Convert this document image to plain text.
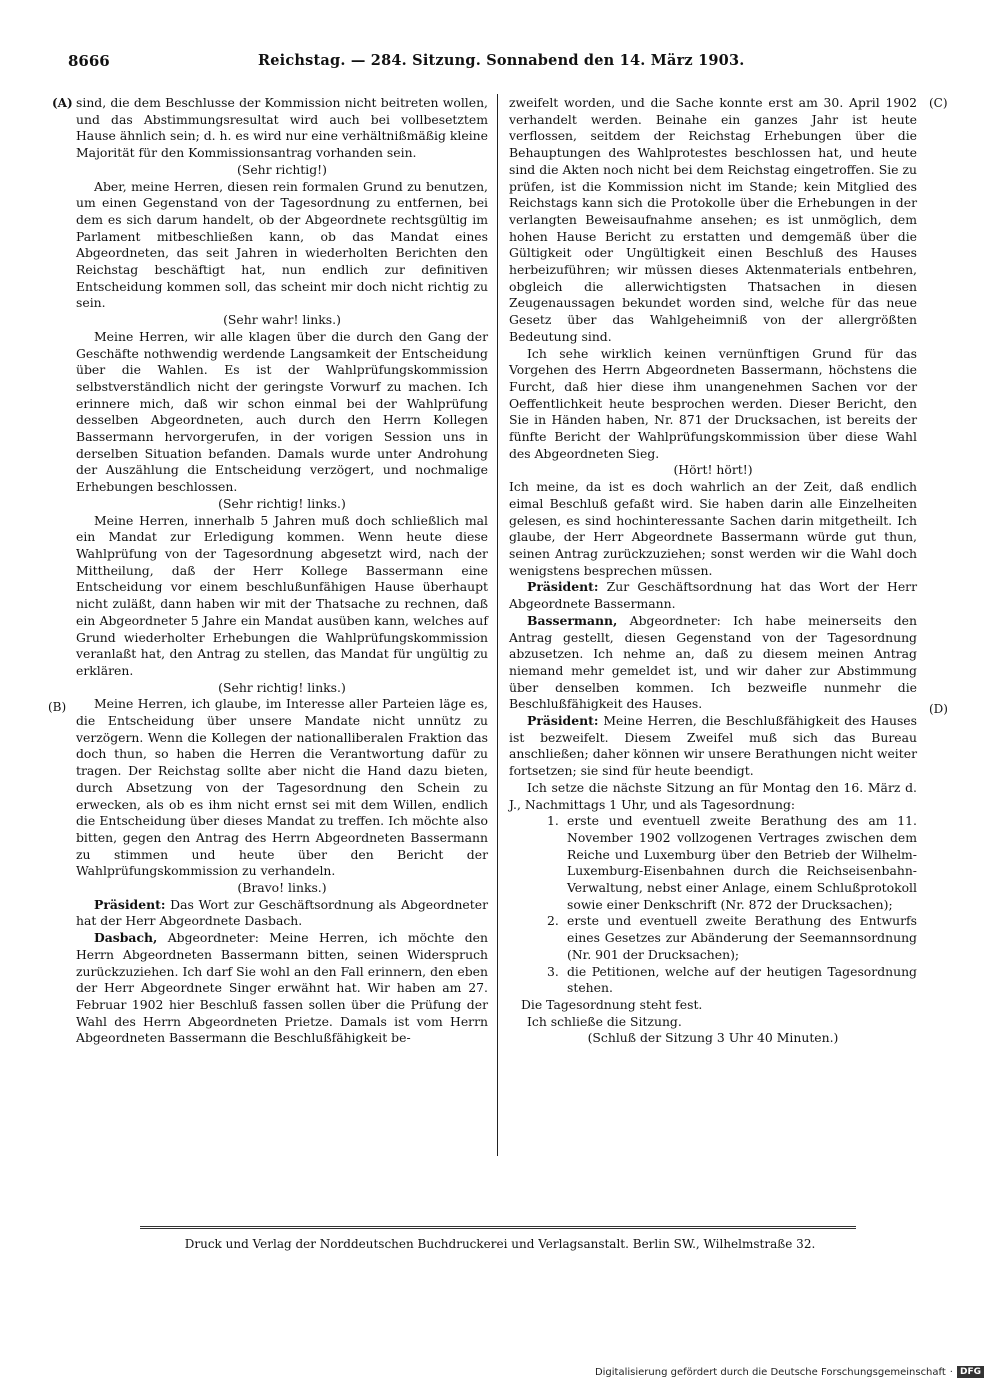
8666	Reichstag. — 284. Sitzung. Sonnabend den 14. März 1903.
(A)
(B)
(C)
(D)

sind, die dem Beschlusse der Kommission nicht beitreten wollen, und das Abstimmungsresultat wird auch bei vollbesetztem Hause ähnlich sein; d. h. es wird nur eine verhältnißmäßig kleine Majorität für den Kommissionsantrag vorhanden sein.

(Sehr richtig!)

Aber, meine Herren, diesen rein formalen Grund zu benutzen, um einen Gegenstand von der Tagesordnung zu entfernen, bei dem es sich darum handelt, ob der Abgeordnete rechtsgültig im Parlament mitbeschließen kann, ob das Mandat eines Abgeordneten, das seit Jahren in wiederholten Berichten den Reichstag beschäftigt hat, nun endlich zur definitiven Entscheidung kommen soll, das scheint mir doch nicht richtig zu sein.

(Sehr wahr! links.)

Meine Herren, wir alle klagen über die durch den Gang der Geschäfte nothwendig werdende Langsamkeit der Entscheidung über die Wahlen. Es ist der Wahlprüfungskommission selbstverständlich nicht der geringste Vorwurf zu machen. Ich erinnere mich, daß wir schon einmal bei der Wahlprüfung desselben Abgeordneten, auch durch den Herrn Kollegen Bassermann hervorgerufen, in der vorigen Session uns in derselben Situation befanden. Damals wurde unter Androhung der Auszählung die Entscheidung verzögert, und nochmalige Erhebungen beschlossen.

(Sehr richtig! links.)

Meine Herren, innerhalb 5 Jahren muß doch schließlich mal ein Mandat zur Erledigung kommen. Wenn heute diese Wahlprüfung von der Tagesordnung abgesetzt wird, nach der Mittheilung, daß der Herr Kollege Bassermann eine Entscheidung vor einem beschlußunfähigen Hause überhaupt nicht zuläßt, dann haben wir mit der Thatsache zu rechnen, daß ein Abgeordneter 5 Jahre ein Mandat ausüben kann, welches auf Grund wiederholter Erhebungen die Wahlprüfungskommission veranlaßt hat, den Antrag zu stellen, das Mandat für ungültig zu erklären.

(Sehr richtig! links.)

Meine Herren, ich glaube, im Interesse aller Parteien läge es, die Entscheidung über unsere Mandate nicht unnütz zu verzögern. Wenn die Kollegen der nationalliberalen Fraktion das doch thun, so haben die Herren die Verantwortung dafür zu tragen. Der Reichstag sollte aber nicht die Hand dazu bieten, durch Absetzung von der Tagesordnung den Schein zu erwecken, als ob es ihm nicht ernst sei mit dem Willen, endlich die Entscheidung über dieses Mandat zu treffen. Ich möchte also bitten, gegen den Antrag des Herrn Abgeordneten Bassermann zu stimmen und heute über den Bericht der Wahlprüfungskommission zu verhandeln.

(Bravo! links.)

Präsident: Das Wort zur Geschäftsordnung als Abgeordneter hat der Herr Abgeordnete Dasbach.

Dasbach, Abgeordneter: Meine Herren, ich möchte den Herrn Abgeordneten Bassermann bitten, seinen Widerspruch zurückzuziehen. Ich darf Sie wohl an den Fall erinnern, den eben der Herr Abgeordnete Singer erwähnt hat. Wir haben am 27. Februar 1902 hier Beschluß fassen sollen über die Prüfung der Wahl des Herrn Abgeordneten Prietze. Damals ist vom Herrn Abgeordneten Bassermann die Beschlußfähigkeit be-

zweifelt worden, und die Sache konnte erst am 30. April 1902 verhandelt werden. Beinahe ein ganzes Jahr ist heute verflossen, seitdem der Reichstag Erhebungen über die Behauptungen des Wahlprotestes beschlossen hat, und heute sind die Akten noch nicht bei dem Reichstag eingetroffen. Sie zu prüfen, ist die Kommission nicht im Stande; kein Mitglied des Reichstags kann sich die Protokolle über die Erhebungen in der verlangten Beweisaufnahme ansehen; es ist unmöglich, dem hohen Hause Bericht zu erstatten und demgemäß über die Gültigkeit oder Ungültigkeit einen Beschluß des Hauses herbeizuführen; wir müssen dieses Aktenmaterials entbehren, obgleich die allerwichtigsten Thatsachen in diesen Zeugenaussagen bekundet worden sind, welche für das neue Gesetz über das Wahlgeheimniß von der allergrößten Bedeutung sind.

Ich sehe wirklich keinen vernünftigen Grund für das Vorgehen des Herrn Abgeordneten Bassermann, höchstens die Furcht, daß hier diese ihm unangenehmen Sachen vor der Oeffentlichkeit heute besprochen werden. Dieser Bericht, den Sie in Händen haben, Nr. 871 der Drucksachen, ist bereits der fünfte Bericht der Wahlprüfungskommission über diese Wahl des Abgeordneten Sieg.

(Hört! hört!)

Ich meine, da ist es doch wahrlich an der Zeit, daß endlich eimal Beschluß gefaßt wird. Sie haben darin alle Einzelheiten gelesen, es sind hochinteressante Sachen darin mitgetheilt. Ich glaube, der Herr Abgeordnete Bassermann würde gut thun, seinen Antrag zurückzuziehen; sonst werden wir die Wahl doch wenigstens besprechen müssen.

Präsident: Zur Geschäftsordnung hat das Wort der Herr Abgeordnete Bassermann.

Bassermann, Abgeordneter: Ich habe meinerseits den Antrag gestellt, diesen Gegenstand von der Tagesordnung abzusetzen. Ich nehme an, daß zu diesem meinen Antrag niemand mehr gemeldet ist, und wir daher zur Abstimmung über denselben kommen. Ich bezweifle nunmehr die Beschlußfähigkeit des Hauses.

Präsident: Meine Herren, die Beschlußfähigkeit des Hauses ist bezweifelt. Diesem Zweifel muß sich das Bureau anschließen; daher können wir unsere Berathungen nicht weiter fortsetzen; sie sind für heute beendigt.

Ich setze die nächste Sitzung an für Montag den 16. März d. J., Nachmittags 1 Uhr, und als Tagesordnung:

1. erste und eventuell zweite Berathung des am 11. November 1902 vollzogenen Vertrages zwischen dem Reiche und Luxemburg über den Betrieb der Wilhelm-Luxemburg-Eisenbahnen durch die Reichseisenbahn-Verwaltung, nebst einer Anlage, einem Schlußprotokoll sowie einer Denkschrift (Nr. 872 der Drucksachen);
2. erste und eventuell zweite Berathung des Entwurfs eines Gesetzes zur Abänderung der Seemannsordnung (Nr. 901 der Drucksachen);
3. die Petitionen, welche auf der heutigen Tagesordnung stehen.

Die Tagesordnung steht fest.

Ich schließe die Sitzung.

(Schluß der Sitzung 3 Uhr 40 Minuten.)

Druck und Verlag der Norddeutschen Buchdruckerei und Verlagsanstalt. Berlin SW., Wilhelmstraße 32.
Digitalisierung gefördert durch die Deutsche Forschungsgemeinschaft · DFG
